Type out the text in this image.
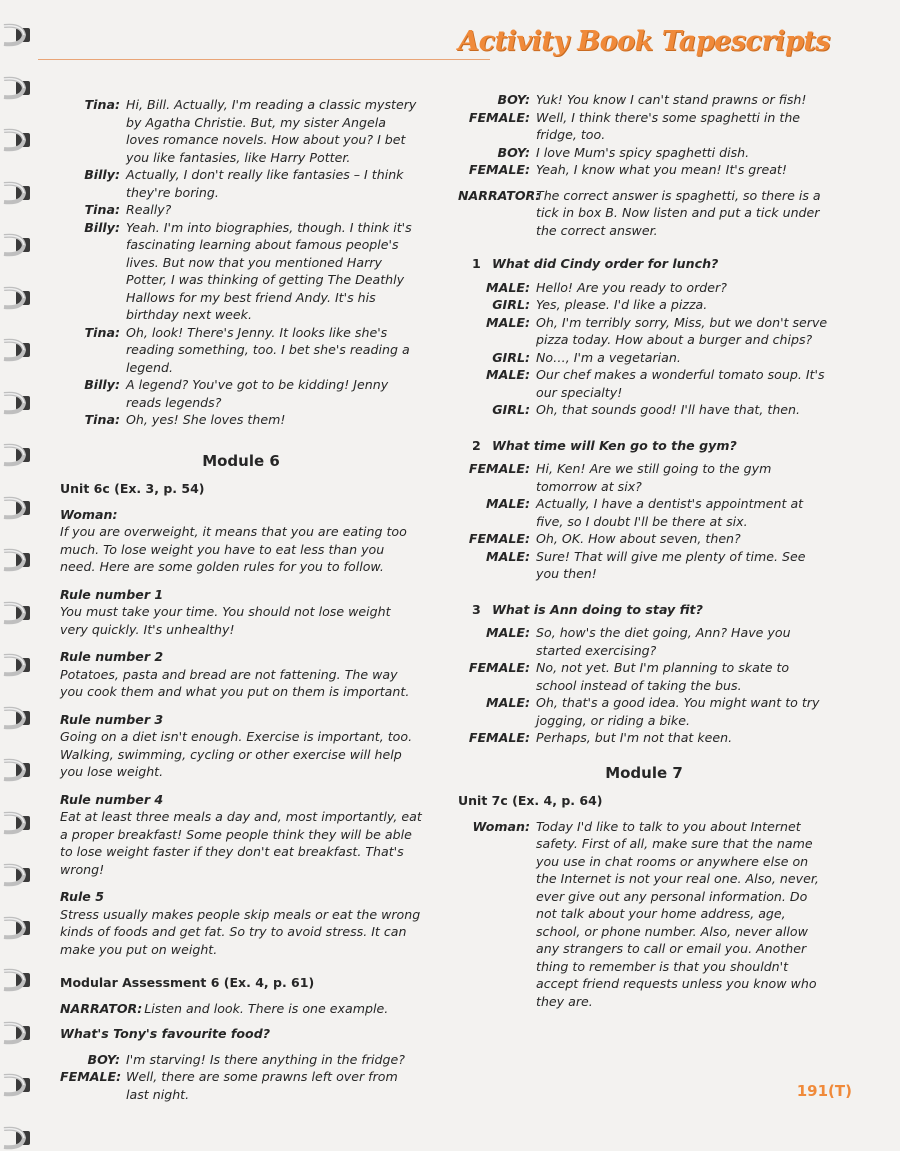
Activity Book Tapescripts
Tina: Hi, Bill. Actually, I'm reading a classic mystery by Agatha Christie. But, my sister Angela loves romance novels. How about you? I bet you like fantasies, like Harry Potter.
Billy: Actually, I don't really like fantasies – I think they're boring.
Tina: Really?
Billy: Yeah. I'm into biographies, though. I think it's fascinating learning about famous people's lives. But now that you mentioned Harry Potter, I was thinking of getting The Deathly Hallows for my best friend Andy. It's his birthday next week.
Tina: Oh, look! There's Jenny. It looks like she's reading something, too. I bet she's reading a legend.
Billy: A legend? You've got to be kidding! Jenny reads legends?
Tina: Oh, yes! She loves them!
Module 6
Unit 6c (Ex. 3, p. 54)
Woman:
If you are overweight, it means that you are eating too much. To lose weight you have to eat less than you need. Here are some golden rules for you to follow.
Rule number 1
You must take your time. You should not lose weight very quickly. It's unhealthy!
Rule number 2
Potatoes, pasta and bread are not fattening. The way you cook them and what you put on them is important.
Rule number 3
Going on a diet isn't enough. Exercise is important, too. Walking, swimming, cycling or other exercise will help you lose weight.
Rule number 4
Eat at least three meals a day and, most importantly, eat a proper breakfast! Some people think they will be able to lose weight faster if they don't eat breakfast. That's wrong!
Rule 5
Stress usually makes people skip meals or eat the wrong kinds of foods and get fat. So try to avoid stress. It can make you put on weight.
Modular Assessment 6 (Ex. 4, p. 61)
NARRATOR: Listen and look. There is one example.
What's Tony's favourite food?
BOY: I'm starving! Is there anything in the fridge?
FEMALE: Well, there are some prawns left over from last night.
BOY: Yuk! You know I can't stand prawns or fish!
FEMALE: Well, I think there's some spaghetti in the fridge, too.
BOY: I love Mum's spicy spaghetti dish.
FEMALE: Yeah, I know what you mean! It's great!
NARRATOR:
The correct answer is spaghetti, so there is a tick in box B. Now listen and put a tick under the correct answer.
1 What did Cindy order for lunch?
MALE: Hello! Are you ready to order?
GIRL: Yes, please. I'd like a pizza.
MALE: Oh, I'm terribly sorry, Miss, but we don't serve pizza today. How about a burger and chips?
GIRL: No…, I'm a vegetarian.
MALE: Our chef makes a wonderful tomato soup. It's our specialty!
GIRL: Oh, that sounds good! I'll have that, then.
2 What time will Ken go to the gym?
FEMALE: Hi, Ken! Are we still going to the gym tomorrow at six?
MALE: Actually, I have a dentist's appointment at five, so I doubt I'll be there at six.
FEMALE: Oh, OK. How about seven, then?
MALE: Sure! That will give me plenty of time. See you then!
3 What is Ann doing to stay fit?
MALE: So, how's the diet going, Ann? Have you started exercising?
FEMALE: No, not yet. But I'm planning to skate to school instead of taking the bus.
MALE: Oh, that's a good idea. You might want to try jogging, or riding a bike.
FEMALE: Perhaps, but I'm not that keen.
Module 7
Unit 7c (Ex. 4, p. 64)
Woman: Today I'd like to talk to you about Internet safety. First of all, make sure that the name you use in chat rooms or anywhere else on the Internet is not your real one. Also, never, ever give out any personal information. Do not talk about your home address, age, school, or phone number. Also, never allow any strangers to call or email you. Another thing to remember is that you shouldn't accept friend requests unless you know who they are.
191(T)
